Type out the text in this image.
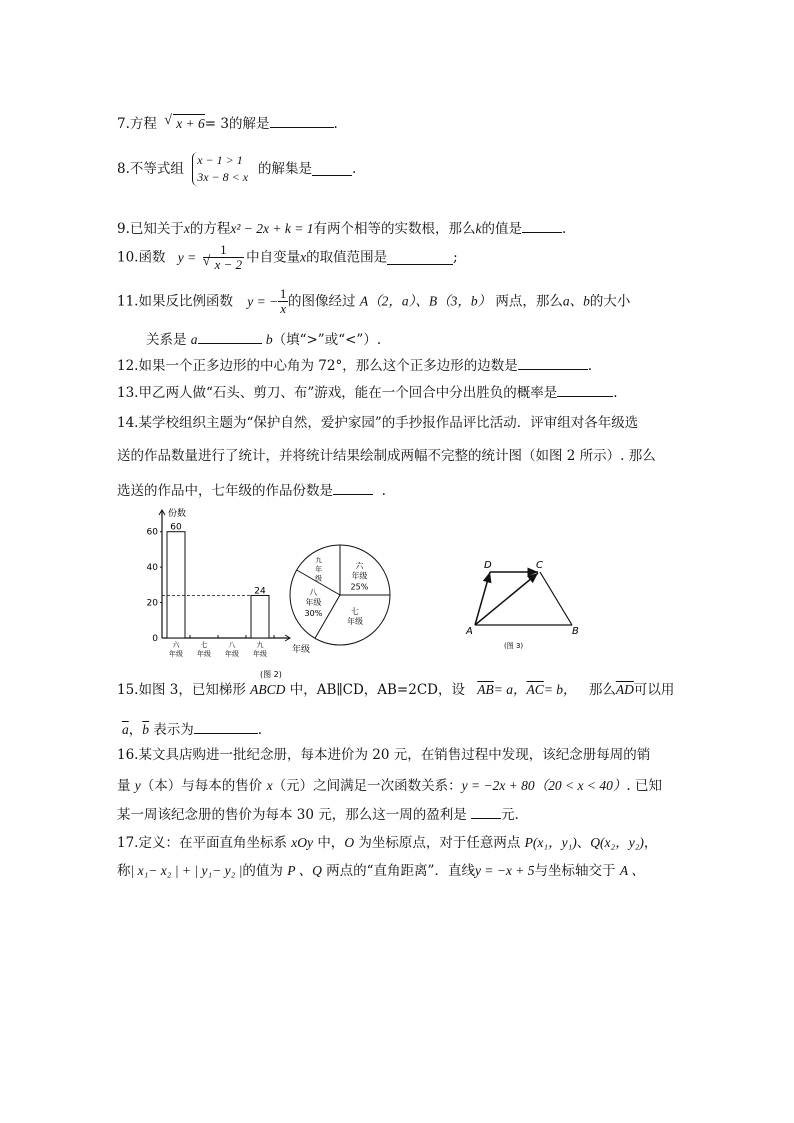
7.方程 √ x + 6= 3的解是	.
8.不等式组
x − 1 > 1
3x − 8 < x 的解集是	.
9.已知关于x的方程x² − 2x + k = 1有两个相等的实数根，那么k的值是	.
10.函数 y = 1
√ x − 2 中自变量x的取值范围是	;
11.如果反比例函数 y = − $\frac{1}{x}$ 的图像经过 A（2，a）、B（3，b） 两点，那么a、b的大小
关系是 a	b（填“>”或“<”）.
12.如果一个正多边形的中心角为 72°，那么这个正多边形的边数是	.
13.甲乙两人做“石头、剪刀、布”游戏，能在一个回合中分出胜负的概率是	.
14.某学校组织主题为“保护自然，爱护家园”的手抄报作品评比活动．评审组对各年级选
送的作品数量进行了统计，并将统计结果绘制成两幅不完整的统计图（如图 2 所示）. 那么
选送的作品中，七年级的作品份数是	.
份数
年级
0
20
40
60 60
六
年级
七
年级
八
年级
24
九
年级
六
年级
25%
七
年级
八
年级
30%
九
年
级
(图 2)
D	C
A	B
(图 3)
15.如图 3，已知梯形 ABCD 中，AB∥CD，AB=2CD，设 $\overline{AB}= a$，$\overline{AC}= b$， 那么$\overline{AD}$可以用
$\overline{a}$，$\overline{b}$ 表示为	.
16.某文具店购进一批纪念册，每本进价为 20 元，在销售过程中发现，该纪念册每周的销
量 y（本）与每本的售价 x（元）之间满足一次函数关系：y = −2x + 80（20 < x < 40）. 已知
某一周该纪念册的售价为每本 30 元，那么这一周的盈利是	元.
17.定义：在平面直角坐标系 xOy 中，O 为坐标原点，对于任意两点 P(x₁，y₁)、Q(x₂，y₂)，
称| x₁− x₂ | + | y₁− y₂ |的值为 P 、Q 两点的“直角距离”．直线y = −x + 5与坐标轴交于 A 、
